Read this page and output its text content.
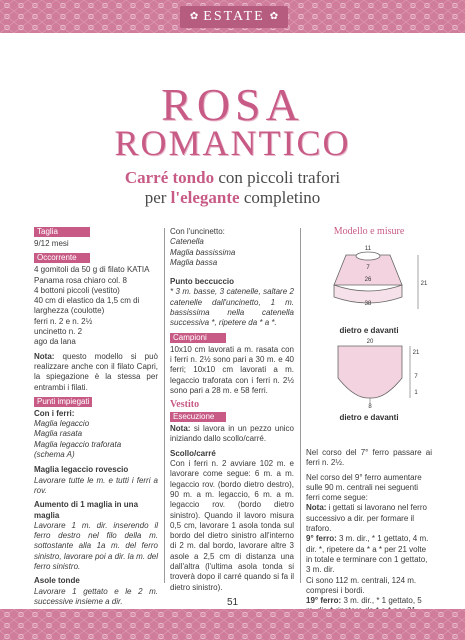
✿ ESTATE ✿
ROSA
ROMANTICO
Carré tondo con piccoli trafori
per l'elegante completino
Taglia
9/12 mesi
Occorrente
4 gomitoli da 50 g di filato KATIA Panama rosa chiaro col. 8
4 bottoni piccoli (vestito)
40 cm di elastico da 1,5 cm di larghezza (coulotte)
ferri n. 2 e n. 2½
uncinetto n. 2
ago da lana
Nota: questo modello si può realizzare anche con il filato Capri, la spiegazione è la stessa per entrambi i filati.
Punti impiegati
Con i ferri:
Maglia legaccio
Maglia rasata
Maglia legaccio traforata
(schema A)
Maglia legaccio rovescio
Lavorare tutte le m. e tutti i ferri a rov.
Aumento di 1 maglia in una maglia
Lavorare 1 m. dir. inserendo il ferro destro nel filo della m. sottostante alla 1a m. del ferro sinistro, lavorare poi a dir. la m. del ferro sinistro.
Asole tonde
Lavorare 1 gettato e le 2 m. successive insieme a dir.
Con l'uncinetto:
Catenella
Maglia bassissima
Maglia bassa
Punto beccuccio
* 3 m. basse, 3 catenelle, saltare 2 catenelle dall'uncinetto, 1 m. bassissima nella catenella successiva *, ripetere da * a *.
Campioni
10x10 cm lavorati a m. rasata con i ferri n. 2½ sono pari a 30 m. e 40 ferri; 10x10 cm lavorati a m. legaccio traforata con i ferri n. 2½ sono pari a 28 m. e 58 ferri.
Vestito
Esecuzione
Nota: si lavora in un pezzo unico iniziando dallo scollo/carré.
Scollo/carré
Con i ferri n. 2 avviare 102 m. e lavorare come segue: 6 m. a m. legaccio rov. (bordo dietro destro), 90 m. a m. legaccio, 6 m. a m. legaccio rov. (bordo dietro sinistro). Quando il lavoro misura 0,5 cm, lavorare 1 asola tonda sul bordo del dietro sinistro all'interno di 2 m. dal bordo, lavorare altre 3 asole a 2,5 cm di distanza una dall'altra (l'ultima asola tonda si troverà dopo il carré quando si fa il dietro sinistro).
Modello e misure
Nel corso del 7° ferro passare ai ferri n. 2½.
Nel corso del 9° ferro aumentare sulle 90 m. centrali nei seguenti ferri come segue:
Nota: i gettati si lavorano nel ferro successivo a dir. per formare il traforo.
9° ferro: 3 m. dir., * 1 gettato, 4 m. dir. *, ripetere da * a * per 21 volte in totale e terminare con 1 gettato, 3 m. dir.
Ci sono 112 m. centrali, 124 m. compresi i bordi.
19° ferro: 3 m. dir., * 1 gettato, 5
11
7
26
38
21
dietro e davanti
20
21
7
1
8
dietro e davanti
51
